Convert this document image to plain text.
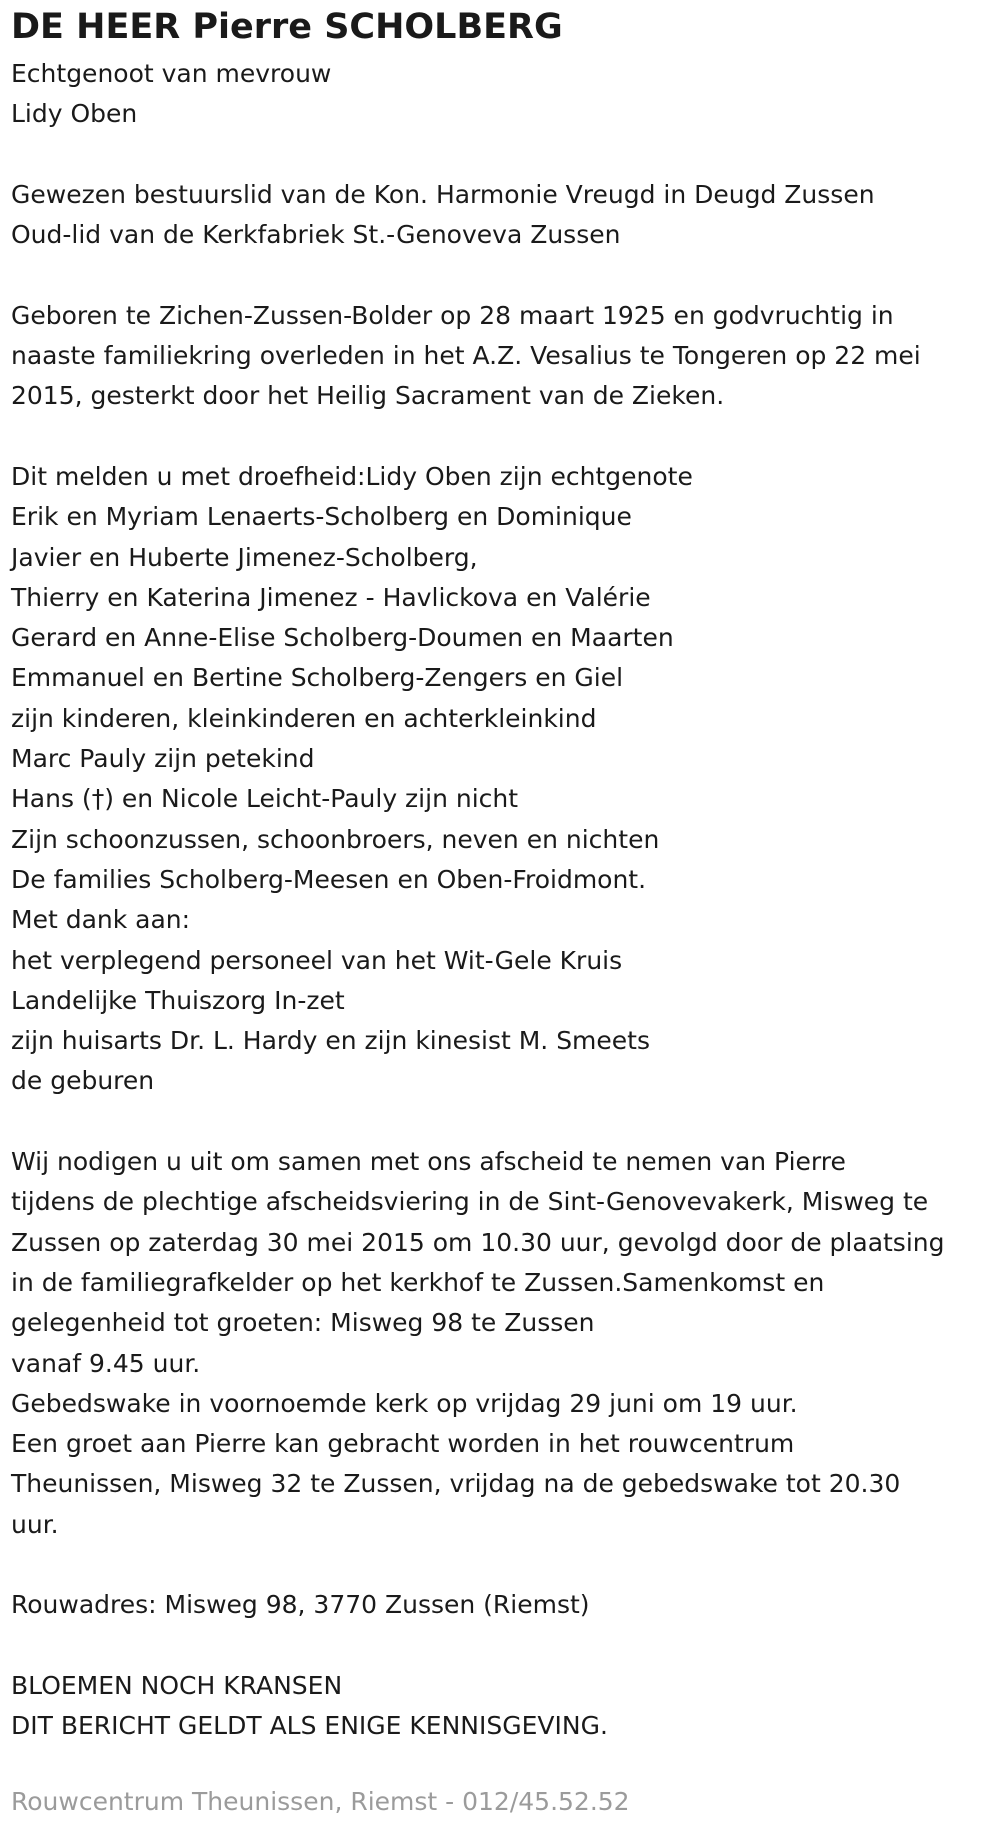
DE HEER Pierre SCHOLBERG
Echtgenoot van mevrouw
Lidy Oben
Gewezen bestuurslid van de Kon. Harmonie Vreugd in Deugd Zussen
Oud-lid van de Kerkfabriek St.-Genoveva Zussen
Geboren te Zichen-Zussen-Bolder op 28 maart 1925 en godvruchtig in
naaste familiekring overleden in het A.Z. Vesalius te Tongeren op 22 mei
2015, gesterkt door het Heilig Sacrament van de Zieken.
Dit melden u met droefheid:Lidy Oben zijn echtgenote
Erik en Myriam Lenaerts-Scholberg en Dominique
Javier en Huberte Jimenez-Scholberg,
Thierry en Katerina Jimenez - Havlickova en Valérie
Gerard en Anne-Elise Scholberg-Doumen en Maarten
Emmanuel en Bertine Scholberg-Zengers en Giel
zijn kinderen, kleinkinderen en achterkleinkind
Marc Pauly zijn petekind
Hans (†) en Nicole Leicht-Pauly zijn nicht
Zijn schoonzussen, schoonbroers, neven en nichten
De families Scholberg-Meesen en Oben-Froidmont.
Met dank aan:
het verplegend personeel van het Wit-Gele Kruis
Landelijke Thuiszorg In-zet
zijn huisarts Dr. L. Hardy en zijn kinesist M. Smeets
de geburen
Wij nodigen u uit om samen met ons afscheid te nemen van Pierre
tijdens de plechtige afscheidsviering in de Sint-Genovevakerk, Misweg te
Zussen op zaterdag 30 mei 2015 om 10.30 uur, gevolgd door de plaatsing
in de familiegrafkelder op het kerkhof te Zussen.Samenkomst en
gelegenheid tot groeten: Misweg 98 te Zussen
vanaf 9.45 uur.
Gebedswake in voornoemde kerk op vrijdag 29 juni om 19 uur.
Een groet aan Pierre kan gebracht worden in het rouwcentrum
Theunissen, Misweg 32 te Zussen, vrijdag na de gebedswake tot 20.30
uur.
Rouwadres: Misweg 98, 3770 Zussen (Riemst)
BLOEMEN NOCH KRANSEN
DIT BERICHT GELDT ALS ENIGE KENNISGEVING.
Rouwcentrum Theunissen, Riemst - 012/45.52.52
